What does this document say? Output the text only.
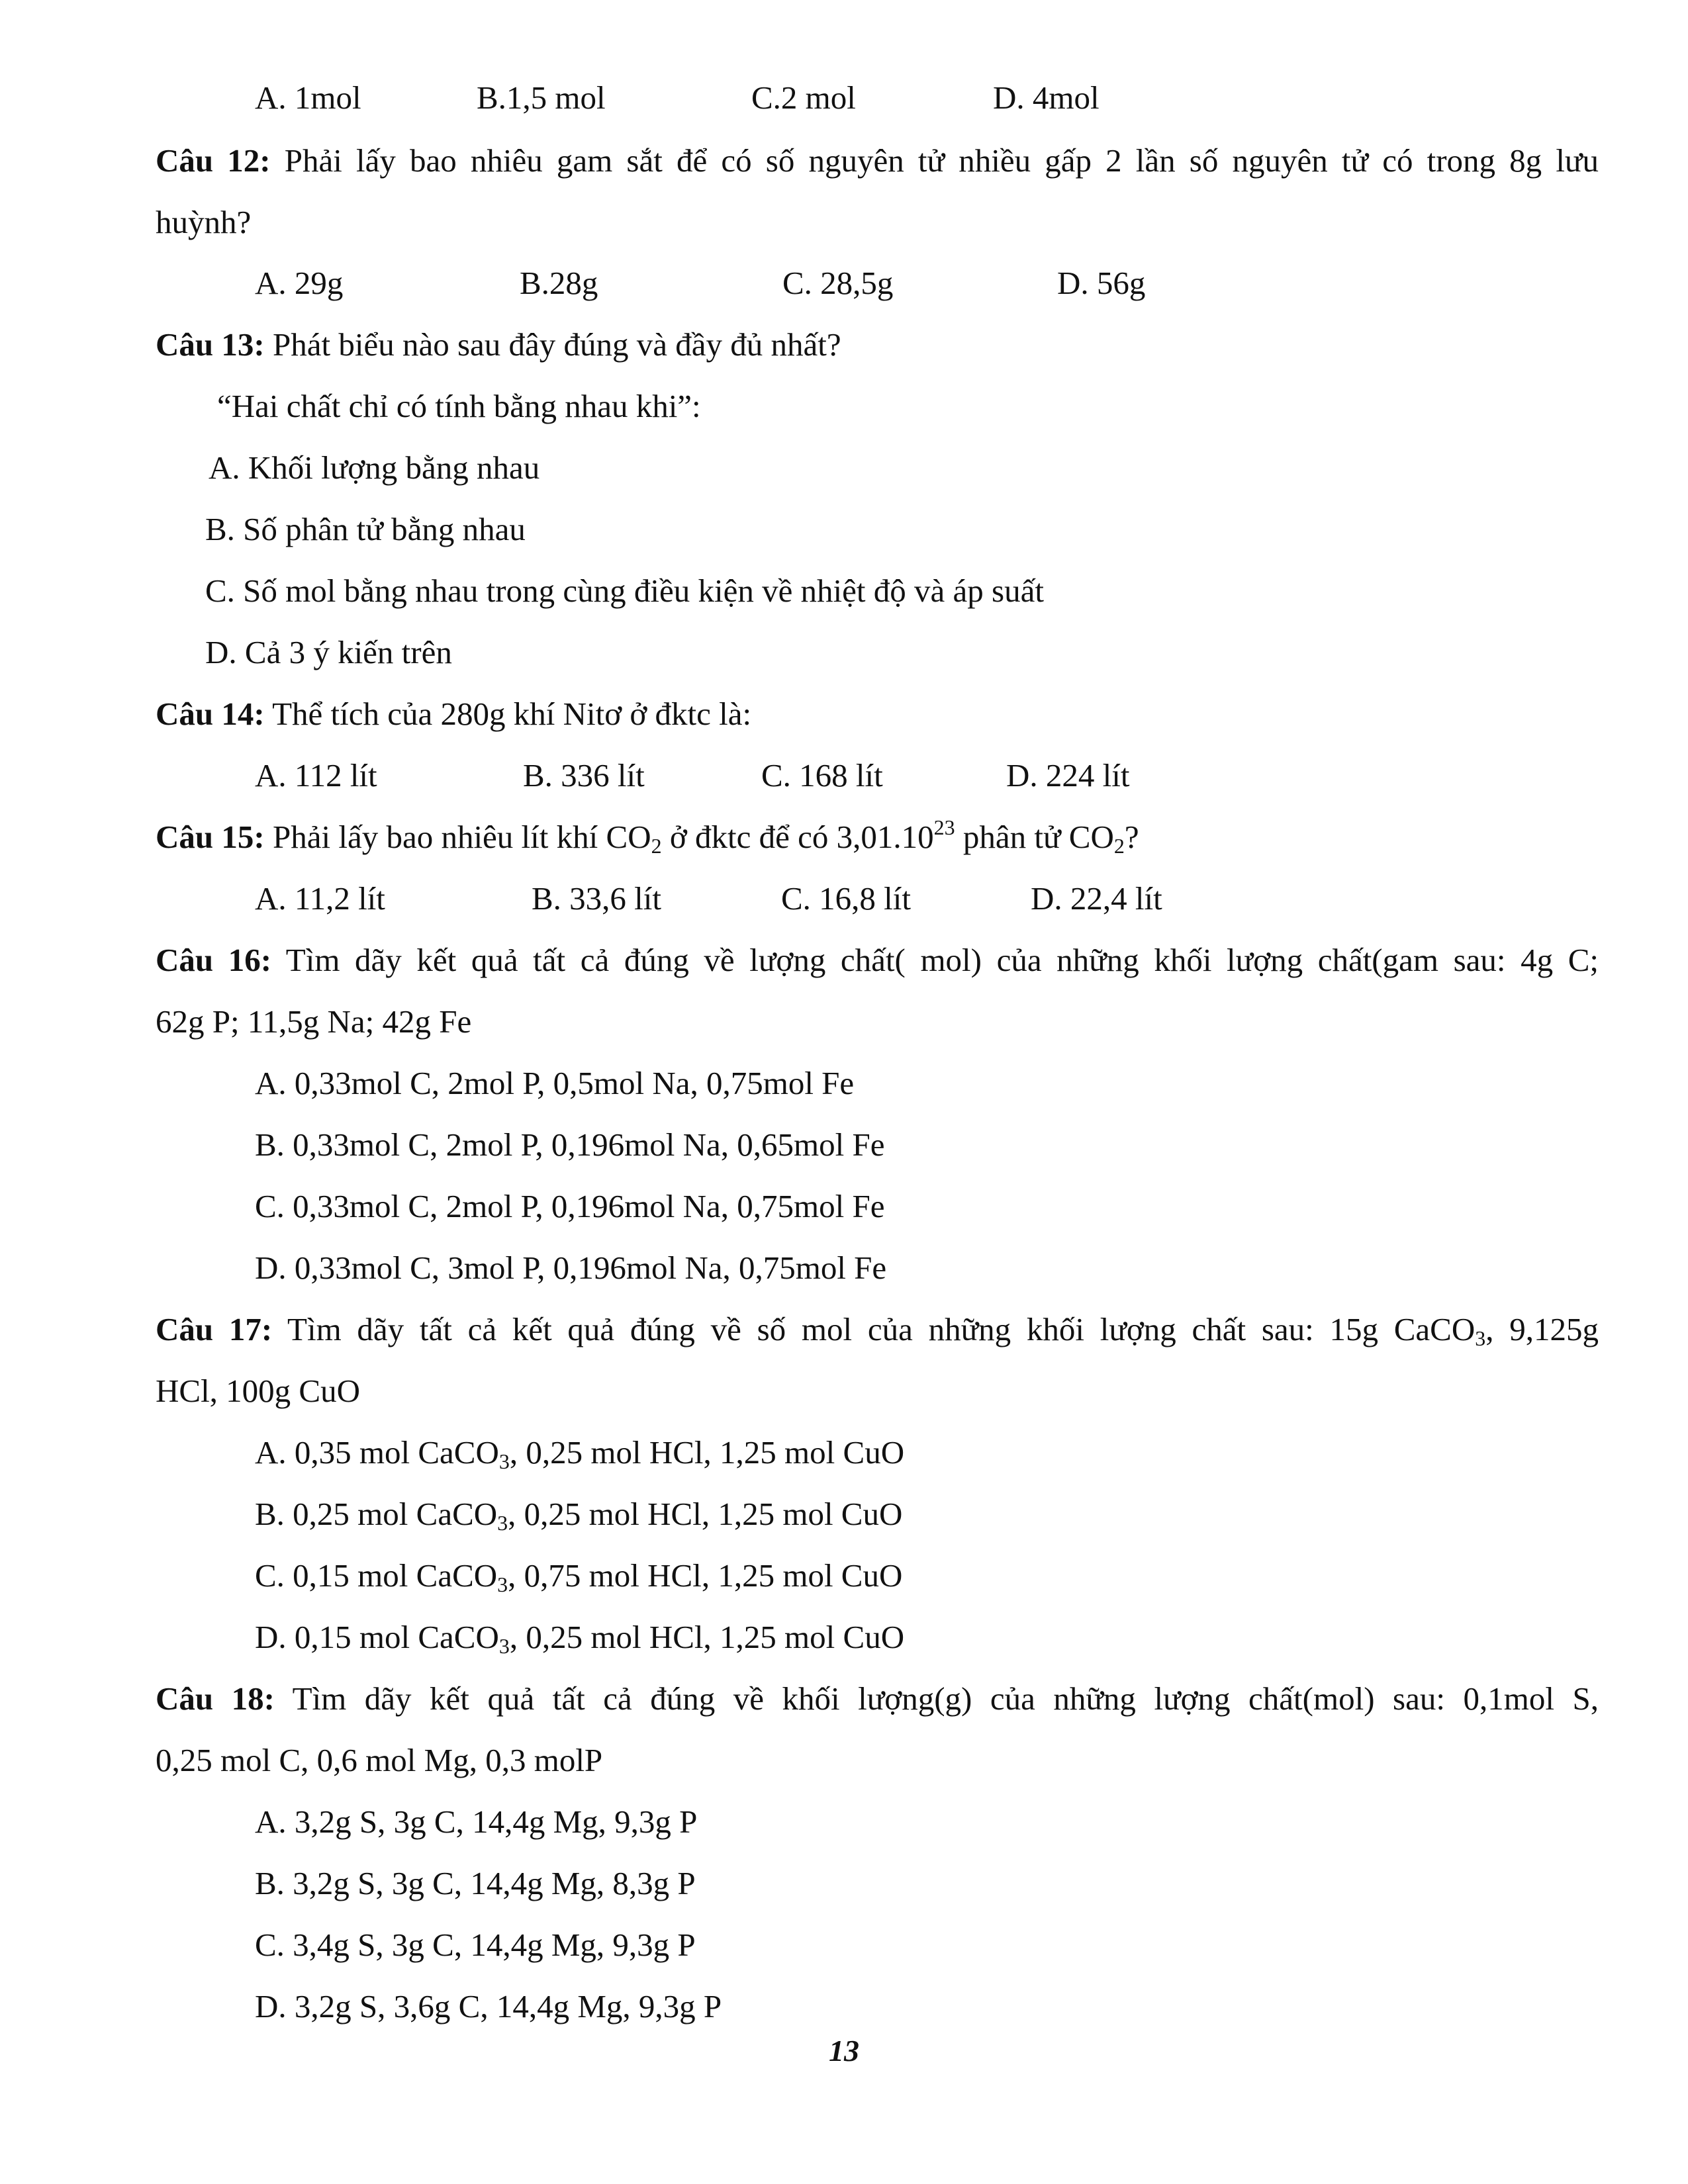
A. 1mol	B.1,5 mol	C.2 mol	D. 4mol
Câu 12: Phải lấy bao nhiêu gam sắt để có số nguyên tử nhiều gấp 2 lần số nguyên tử có trong 8g lưu
huỳnh?
A. 29g	B.28g	C. 28,5g	D. 56g
Câu 13: Phát biểu nào sau đây đúng và đầy đủ nhất?
“Hai chất chỉ có tính bằng nhau khi”:
A. Khối lượng bằng nhau
B. Số phân tử bằng nhau
C. Số mol bằng nhau trong cùng điều kiện về nhiệt độ và áp suất
D. Cả 3 ý kiến trên
Câu 14: Thể tích của 280g khí Nitơ ở đktc là:
A. 112 lít	B. 336 lít	C. 168 lít	D. 224 lít
Câu 15: Phải lấy bao nhiêu lít khí $CO_2$ ở đktc để có 3,01.10$^{23}$ phân tử $CO_2$?
A. 11,2 lít	B. 33,6 lít	C. 16,8 lít	D. 22,4 lít
Câu 16: Tìm dãy kết quả tất cả đúng về lượng chất( mol) của những khối lượng chất(gam sau: 4g C;
62g P; 11,5g Na; 42g Fe
A. 0,33mol C, 2mol P, 0,5mol Na, 0,75mol Fe
B. 0,33mol C, 2mol P, 0,196mol Na, 0,65mol Fe
C. 0,33mol C, 2mol P, 0,196mol Na, 0,75mol Fe
D. 0,33mol C, 3mol P, 0,196mol Na, 0,75mol Fe
Câu 17: Tìm dãy tất cả kết quả đúng về số mol của những khối lượng chất sau: 15g CaCO$_3$, 9,125g
HCl, 100g CuO
A. 0,35 mol CaCO$_3$, 0,25 mol HCl, 1,25 mol CuO
B. 0,25 mol CaCO$_3$, 0,25 mol HCl, 1,25 mol CuO
C. 0,15 mol CaCO$_3$, 0,75 mol HCl, 1,25 mol CuO
D. 0,15 mol CaCO$_3$, 0,25 mol HCl, 1,25 mol CuO
Câu 18: Tìm dãy kết quả tất cả đúng về khối lượng(g) của những lượng chất(mol) sau: 0,1mol S,
0,25 mol C, 0,6 mol Mg, 0,3 molP
A. 3,2g S, 3g C, 14,4g Mg, 9,3g P
B. 3,2g S, 3g C, 14,4g Mg, 8,3g P
C. 3,4g S, 3g C, 14,4g Mg, 9,3g P
D. 3,2g S, 3,6g C, 14,4g Mg, 9,3g P
13
